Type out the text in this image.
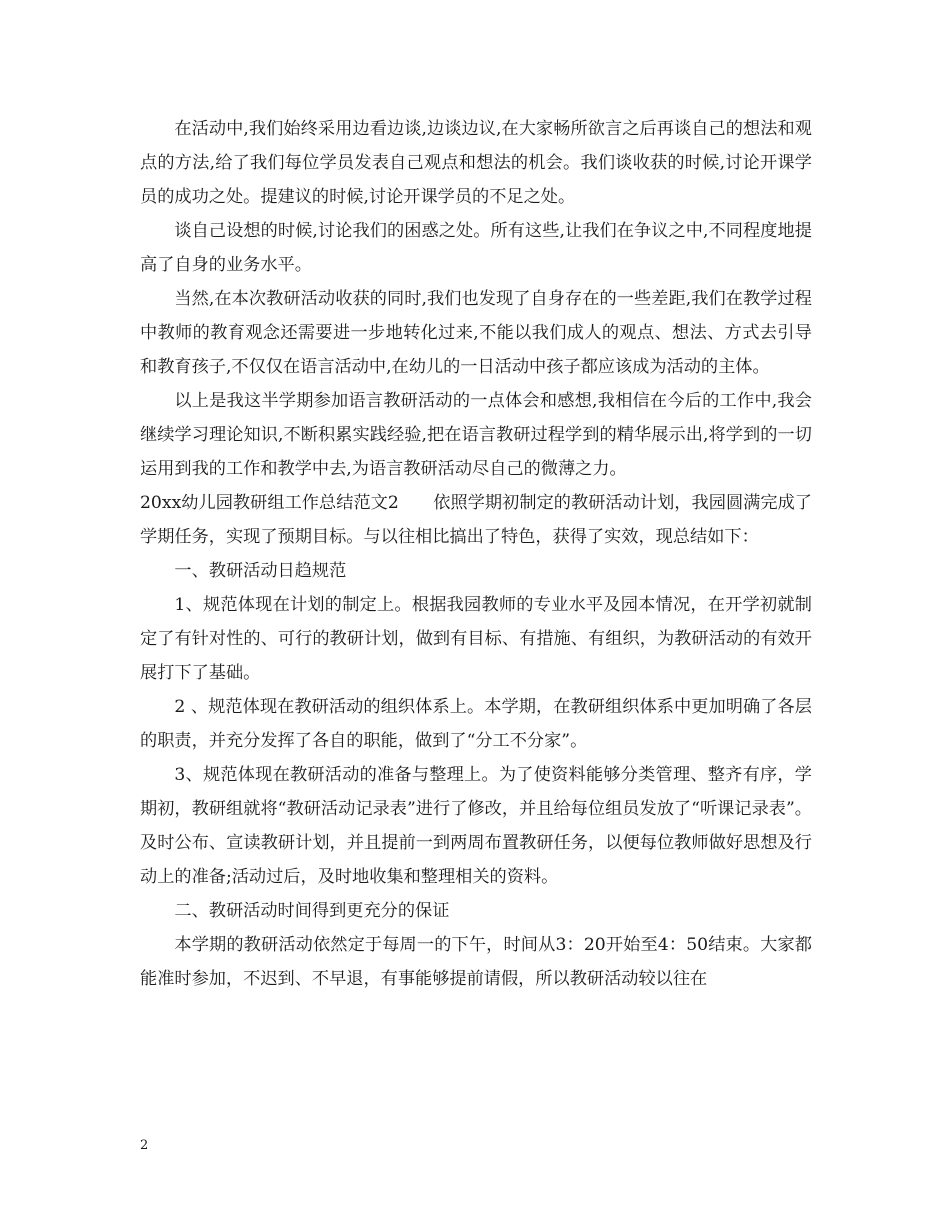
在活动中,我们始终采用边看边谈,边谈边议,在大家畅所欲言之后再谈自己的想法和观点的方法,给了我们每位学员发表自己观点和想法的机会。我们谈收获的时候,讨论开课学员的成功之处。提建议的时候,讨论开课学员的不足之处。

谈自己设想的时候,讨论我们的困惑之处。所有这些,让我们在争议之中,不同程度地提高了自身的业务水平。

当然,在本次教研活动收获的同时,我们也发现了自身存在的一些差距,我们在教学过程中教师的教育观念还需要进一步地转化过来,不能以我们成人的观点、想法、方式去引导和教育孩子,不仅仅在语言活动中,在幼儿的一日活动中孩子都应该成为活动的主体。

以上是我这半学期参加语言教研活动的一点体会和感想,我相信在今后的工作中,我会继续学习理论知识,不断积累实践经验,把在语言教研过程学到的精华展示出,将学到的一切运用到我的工作和教学中去,为语言教研活动尽自己的微薄之力。

20xx幼儿园教研组工作总结范文2　　依照学期初制定的教研活动计划，我园圆满完成了学期任务，实现了预期目标。与以往相比搞出了特色，获得了实效，现总结如下：

一、教研活动日趋规范

1、规范体现在计划的制定上。根据我园教师的专业水平及园本情况，在开学初就制定了有针对性的、可行的教研计划，做到有目标、有措施、有组织，为教研活动的有效开展打下了基础。

2 、规范体现在教研活动的组织体系上。本学期，在教研组织体系中更加明确了各层的职责，并充分发挥了各自的职能，做到了“分工不分家”。

3、规范体现在教研活动的准备与整理上。为了使资料能够分类管理、整齐有序，学期初，教研组就将“教研活动记录表”进行了修改，并且给每位组员发放了“听课记录表”。及时公布、宣读教研计划，并且提前一到两周布置教研任务，以便每位教师做好思想及行动上的准备;活动过后，及时地收集和整理相关的资料。

二、教研活动时间得到更充分的保证

本学期的教研活动依然定于每周一的下午，时间从3：20开始至4：50结束。大家都能准时参加，不迟到、不早退，有事能够提前请假，所以教研活动较以往在

2
